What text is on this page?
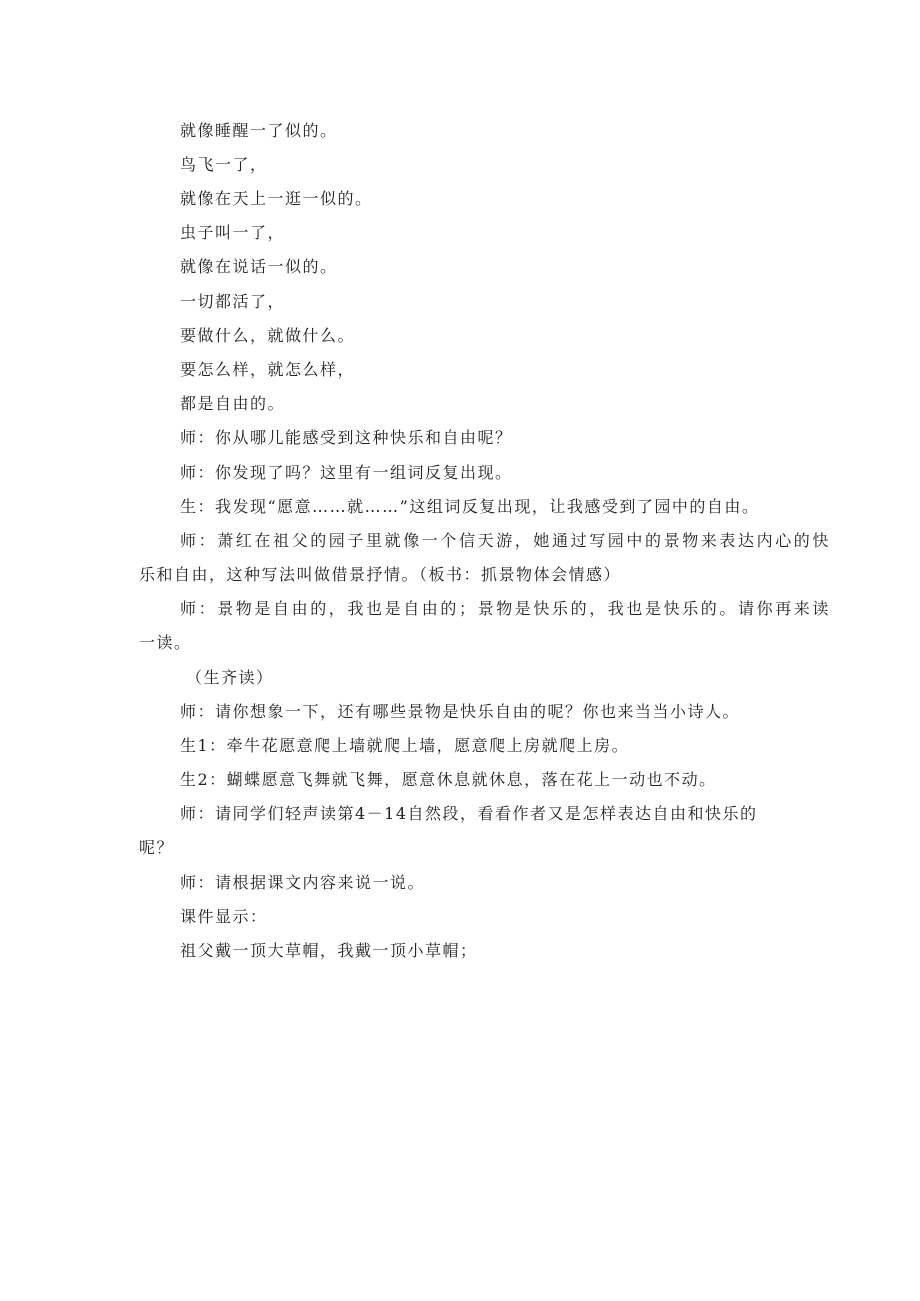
就像睡醒一了似的。
鸟飞一了，
就像在天上一逛一似的。
虫子叫一了，
就像在说话一似的。
一切都活了，
要做什么，就做什么。
要怎么样，就怎么样，
都是自由的。
师：你从哪儿能感受到这种快乐和自由呢？
师：你发现了吗？这里有一组词反复出现。
生：我发现“愿意……就……”这组词反复出现，让我感受到了园中的自由。
师：萧红在祖父的园子里就像一个信天游，她通过写园中的景物来表达内心的快
乐和自由，这种写法叫做借景抒情。（板书：抓景物体会情感）
师：景物是自由的，我也是自由的；景物是快乐的，我也是快乐的。请你再来读
一读。
（生齐读）
师：请你想象一下，还有哪些景物是快乐自由的呢？你也来当当小诗人。
生1：牵牛花愿意爬上墙就爬上墙，愿意爬上房就爬上房。
生2：蝴蝶愿意飞舞就飞舞，愿意休息就休息，落在花上一动也不动。
师：请同学们轻声读第4－14自然段，看看作者又是怎样表达自由和快乐的
呢？
师：请根据课文内容来说一说。
课件显示：
祖父戴一顶大草帽，我戴一顶小草帽；
